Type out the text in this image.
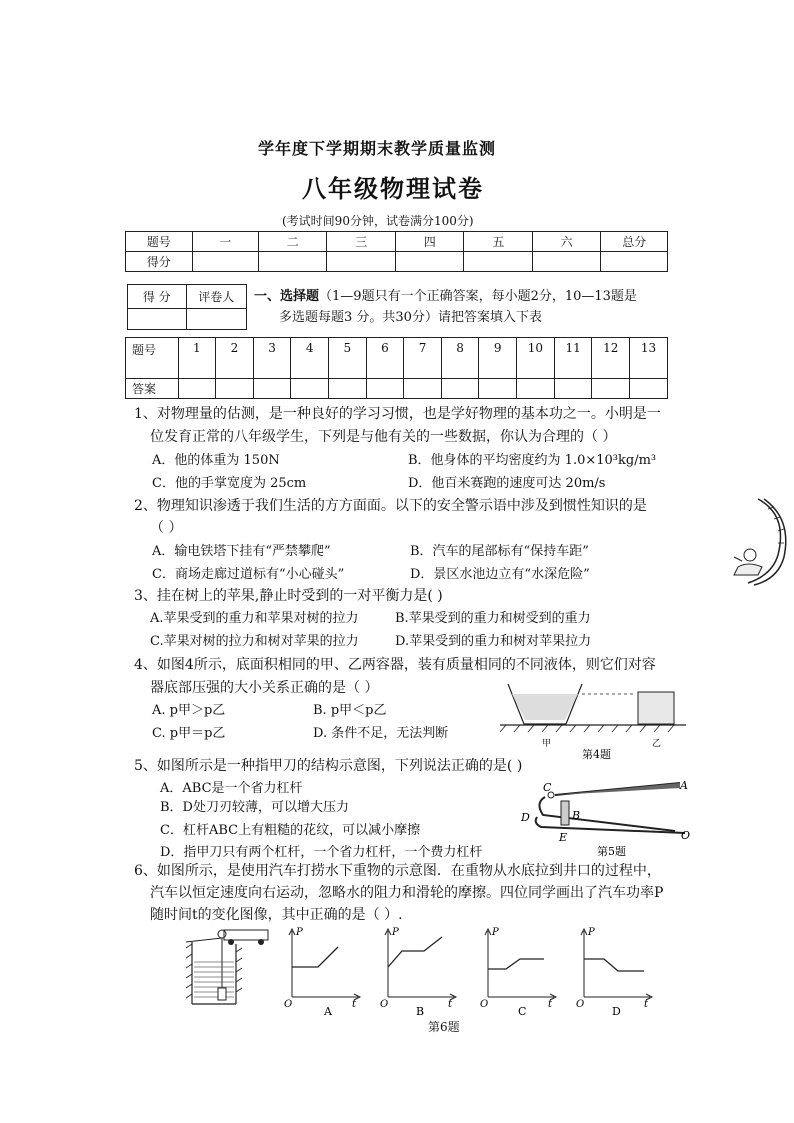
学年度下学期期末教学质量监测
八年级物理试卷
(考试时间90分钟，试卷满分100分)
题号	一	二	三	四	五	六	总分
得分							
得 分	评卷人
	一、选择题（1—9题只有一个正确答案，每小题2分，10—13题是
多选题每题3 分。共30分）请把答案填入下表
题号	1	2	3	4	5	6	7	8	9	10	11	12	13
答案													
1、对物理量的估测，是一种良好的学习习惯，也是学好物理的基本功之一。小明是一
位发育正常的八年级学生，下列是与他有关的一些数据，你认为合理的（ ）
A．他的体重为 150N	B．他身体的平均密度约为 1.0×10³kg/m³
C．他的手掌宽度为 25cm	D．他百米赛跑的速度可达 20m/s
2、物理知识渗透于我们生活的方方面面。以下的安全警示语中涉及到惯性知识的是
（ ）
A．输电铁塔下挂有“严禁攀爬”	B．汽车的尾部标有“保持车距”
C．商场走廊过道标有“小心碰头”	D．景区水池边立有“水深危险”
3、挂在树上的苹果,静止时受到的一对平衡力是( )
A.苹果受到的重力和苹果对树的拉力	B.苹果受到的重力和树受到的重力
C.苹果对树的拉力和树对苹果的拉力	D.苹果受到的重力和树对苹果拉力
4、如图4所示，底面积相同的甲、乙两容器，装有质量相同的不同液体，则它们对容
器底部压强的大小关系正确的是（ ）
A. p甲＞p乙	B. p甲＜p乙
C. p甲＝p乙	D. 条件不足，无法判断
甲	乙
第4题
5、如图所示是一种指甲刀的结构示意图，下列说法正确的是( )
A．ABC是一个省力杠杆
B．D处刀刃较薄，可以增大压力
C．杠杆ABC上有粗糙的花纹，可以减小摩擦
D．指甲刀只有两个杠杆，一个省力杠杆，一个费力杠杆
A
B
C
D
E	O
第5题
6、如图所示，是使用汽车打捞水下重物的示意图．在重物从水底拉到井口的过程中，
汽车以恒定速度向右运动，忽略水的阻力和滑轮的摩擦。四位同学画出了汽车功率P
随时间t的变化图像，其中正确的是（ ）.
P
t
O
A
P
t
O
B
P
t
O
C
P
t
O
D
第6题
